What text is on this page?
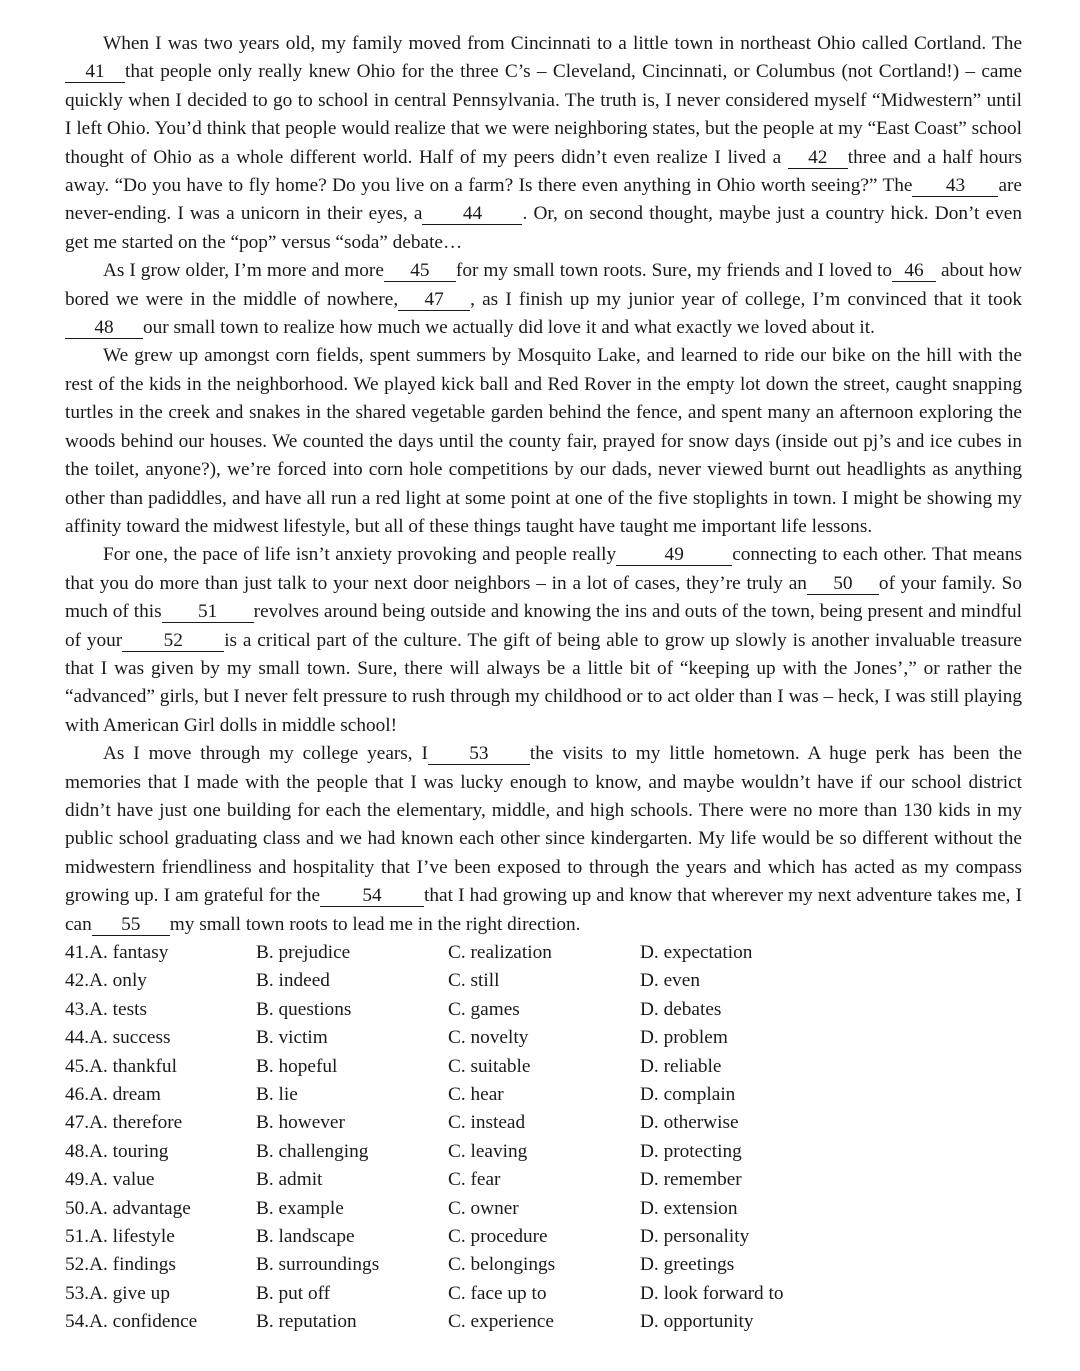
When I was two years old, my family moved from Cincinnati to a little town in northeast Ohio called Cortland. The41 that people only really knew Ohio for the three C’s – Cleveland, Cincinnati, or Columbus (not Cortland!) – came quickly when I decided to go to school in central Pennsylvania. The truth is, I never considered myself “Midwestern” until I left Ohio. You’d think that people would realize that we were neighboring states, but the people at my “East Coast” school thought of Ohio as a whole different world. Half of my peers didn’t even realize I lived a 42 three and a half hours away. “Do you have to fly home? Do you live on a farm? Is there even anything in Ohio worth seeing?” The 43 are never-ending. I was a unicorn in their eyes, a 44 . Or, on second thought, maybe just a country hick. Don’t even get me started on the “pop” versus “soda” debate…

As I grow older, I’m more and more 45 for my small town roots. Sure, my friends and I loved to 46 about how bored we were in the middle of nowhere, 47 , as I finish up my junior year of college, I’m convinced that it took48 our small town to realize how much we actually did love it and what exactly we loved about it.

We grew up amongst corn fields, spent summers by Mosquito Lake, and learned to ride our bike on the hill with the rest of the kids in the neighborhood. We played kick ball and Red Rover in the empty lot down the street, caught snapping turtles in the creek and snakes in the shared vegetable garden behind the fence, and spent many an afternoon exploring the woods behind our houses. We counted the days until the county fair, prayed for snow days (inside out pj’s and ice cubes in the toilet, anyone?), we’re forced into corn hole competitions by our dads, never viewed burnt out headlights as anything other than padiddles, and have all run a red light at some point at one of the five stoplights in town. I might be showing my affinity toward the midwest lifestyle, but all of these things taught have taught me important life lessons.

For one, the pace of life isn’t anxiety provoking and people really	49	connecting to each other. That means that you do more than just talk to your next door neighbors – in a lot of cases, they’re truly an 50 of your family. So much of this 51 revolves around being outside and knowing the ins and outs of the town, being present and mindful of your 52 is a critical part of the culture. The gift of being able to grow up slowly is another invaluable treasure that I was given by my small town. Sure, there will always be a little bit of “keeping up with the Jones’,” or rather the “advanced” girls, but I never felt pressure to rush through my childhood or to act older than I was – heck, I was still playing with American Girl dolls in middle school!

As I move through my college years, I 53 the visits to my little hometown. A huge perk has been the memories that I made with the people that I was lucky enough to know, and maybe wouldn’t have if our school district didn’t have just one building for each the elementary, middle, and high schools. There were no more than 130 kids in my public school graduating class and we had known each other since kindergarten. My life would be so different without the midwestern friendliness and hospitality that I’ve been exposed to through the years and which has acted as my compass growing up. I am grateful for the 54 that I had growing up and know that wherever my next adventure takes me, I can 55 my small town roots to lead me in the right direction.

41.A. fantasy	B. prejudice	C. realization	D. expectation
42.A. only	B. indeed	C. still	D. even
43.A. tests	B. questions	C. games	D. debates
44.A. success	B. victim	C. novelty	D. problem
45.A. thankful	B. hopeful	C. suitable	D. reliable
46.A. dream	B. lie	C. hear	D. complain
47.A. therefore	B. however	C. instead	D. otherwise
48.A. touring	B. challenging	C. leaving	D. protecting
49.A. value	B. admit	C. fear	D. remember
50.A. advantage	B. example	C. owner	D. extension
51.A. lifestyle	B. landscape	C. procedure	D. personality
52.A. findings	B. surroundings	C. belongings	D. greetings
53.A. give up	B. put off	C. face up to	D. look forward to
54.A. confidence	B. reputation	C. experience	D. opportunity
